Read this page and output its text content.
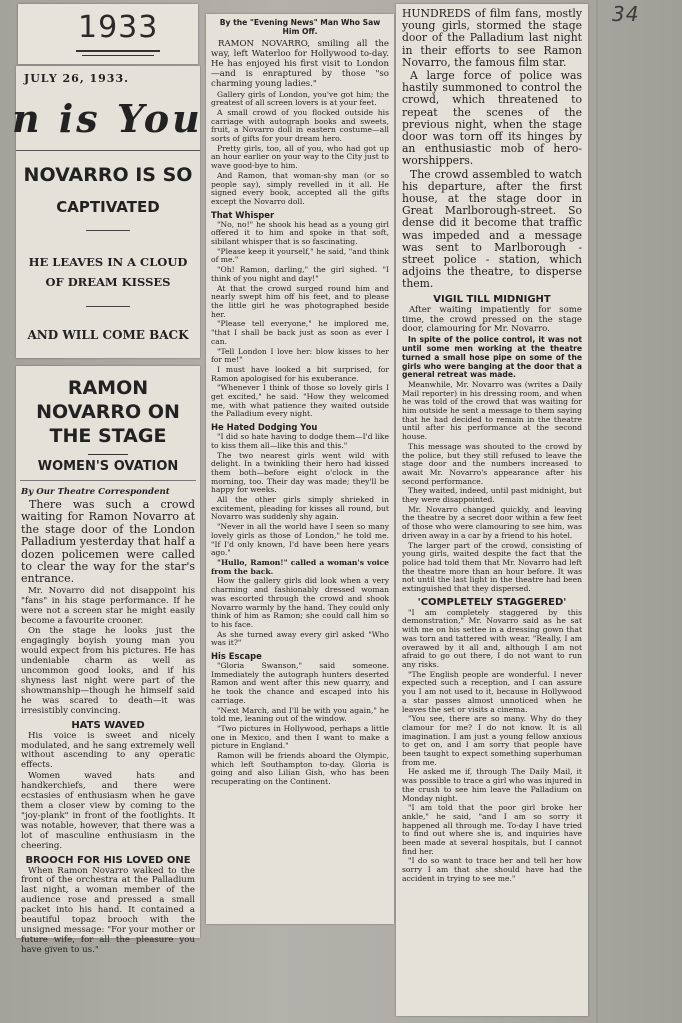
34
1933
JULY 26, 1933.
n is You
NOVARRO IS SO
CAPTIVATED
HE LEAVES IN A CLOUD OF DREAM KISSES
AND WILL COME BACK
RAMON NOVARRO ON THE STAGE
WOMEN'S OVATION
By Our Theatre Correspondent

There was such a crowd waiting for Ramon Novarro at the stage door of the London Palladium yesterday that half a dozen policemen were called to clear the way for the star's entrance.

Mr. Novarro did not disappoint his "fans" in his stage performance. If he were not a screen star he might easily become a favourite crooner.

On the stage he looks just the engagingly boyish young man you would expect from his pictures. He has undeniable charm as well as uncommon good looks, and if his shyness last night were part of the showmanship—though he himself said he was scared to death—it was irresistibly convincing.

HATS WAVED

His voice is sweet and nicely modulated, and he sang extremely well without ascending to any operatic effects.

Women waved hats and handkerchiefs, and there were ecstasies of enthusiasm when he gave them a closer view by coming to the "joy-plank" in front of the footlights. It was notable, however, that there was a lot of masculine enthusiasm in the cheering.

BROOCH FOR HIS LOVED ONE

When Ramon Novarro walked to the front of the orchestra at the Palladium last night, a woman member of the audience rose and pressed a small packet into his hand. It contained a beautiful topaz brooch with the unsigned message: "For your mother or future wife, for all the pleasure you have given to us."

By the "Evening News" Man Who Saw Him Off.

RAMON NOVARRO, smiling all the way, left Waterloo for Hollywood to-day. He has enjoyed his first visit to London—and is enraptured by those "so charming young ladies."

Gallery girls of London, you've got him; the greatest of all screen lovers is at your feet.

A small crowd of you flocked outside his carriage with autograph books and sweets, fruit, a Novarro doll in eastern costume—all sorts of gifts for your dream hero.

Pretty girls, too, all of you, who had got up an hour earlier on your way to the City just to wave good-bye to him.

And Ramon, that woman-shy man (or so people say), simply revelled in it all. He signed every book, accepted all the gifts except the Novarro doll.

That Whisper

"No, no!" he shook his head as a young girl offered it to him and spoke in that soft, sibilant whisper that is so fascinating.

"Please keep it yourself," he said, "and think of me."

"Oh! Ramon, darling," the girl sighed. "I think of you night and day!"

At that the crowd surged round him and nearly swept him off his feet, and to please the little girl he was photographed beside her.

"Please tell everyone," he implored me, "that I shall be back just as soon as ever I can.

"Tell London I love her: blow kisses to her for me!"

I must have looked a bit surprised, for Ramon apologised for his exuberance.

"Whenever I think of those so lovely girls I get excited," he said. "How they welcomed me, with what patience they waited outside the Palladium every night.

He Hated Dodging You

"I did so hate having to dodge them—I'd like to kiss them all—like this and this."

The two nearest girls went wild with delight. In a twinkling their hero had kissed them both—before eight o'clock in the morning, too. Their day was made; they'll be happy for weeks.

All the other girls simply shrieked in excitement, pleading for kisses all round, but Novarro was suddenly shy again.

"Never in all the world have I seen so many lovely girls as those of London," he told me. "If I'd only known, I'd have been here years ago."

"Hullo, Ramon!" called a woman's voice from the back.

How the gallery girls did look when a very charming and fashionably dressed woman was escorted through the crowd and shook Novarro warmly by the hand. They could only think of him as Ramon; she could call him so to his face.

As she turned away every girl asked "Who was it?"

His Escape

"Gloria Swanson," said someone. Immediately the autograph hunters deserted Ramon and went after this new quarry, and he took the chance and escaped into his carriage.

"Next March, and I'll be with you again," he told me, leaning out of the window.

"Two pictures in Hollywood, perhaps a little one in Mexico, and then I want to make a picture in England."

Ramon will be friends aboard the Olympic, which left Southampton to-day. Gloria is going and also Lilian Gish, who has been recuperating on the Continent.

HUNDREDS of film fans, mostly young girls, stormed the stage door of the Palladium last night in their efforts to see Ramon Novarro, the famous film star.

A large force of police was hastily summoned to control the crowd, which threatened to repeat the scenes of the previous night, when the stage door was torn off its hinges by an enthusiastic mob of hero-worshippers.

The crowd assembled to watch his departure, after the first house, at the stage door in Great Marlborough-street. So dense did it become that traffic was impeded and a message was sent to Marlborough - street police - station, which adjoins the theatre, to disperse them.

VIGIL TILL MIDNIGHT

After waiting impatiently for some time, the crowd pressed on the stage door, clamouring for Mr. Novarro.

In spite of the police control, it was not until some men working at the theatre turned a small hose pipe on some of the girls who were banging at the door that a general retreat was made.

Meanwhile, Mr. Novarro was (writes a Daily Mail reporter) in his dressing room, and when he was told of the crowd that was waiting for him outside he sent a message to them saying that he had decided to remain in the theatre until after his performance at the second house.

This message was shouted to the crowd by the police, but they still refused to leave the stage door and the numbers increased to await Mr. Novarro's appearance after his second performance.

They waited, indeed, until past midnight, but they were disappointed.

Mr. Novarro changed quickly, and leaving the theatre by a secret door within a few feet of those who were clamouring to see him, was driven away in a car by a friend to his hotel.

The larger part of the crowd, consisting of young girls, waited despite the fact that the police had told them that Mr. Novarro had left the theatre more than an hour before. It was not until the last light in the theatre had been extinguished that they dispersed.

'COMPLETELY STAGGERED'

"I am completely staggered by this demonstration," Mr. Novarro said as he sat with me on his settee in a dressing gown that was torn and tattered with wear. "Really, I am overawed by it all and, although I am not afraid to go out there, I do not want to run any risks.

"The English people are wonderful. I never expected such a reception, and I can assure you I am not used to it, because in Hollywood a star passes almost unnoticed when he leaves the set or visits a cinema.

"You see, there are so many. Why do they clamour for me? I do not know. It is all imagination. I am just a young fellow anxious to get on, and I am sorry that people have been taught to expect something superhuman from me.

He asked me if, through The Daily Mail, it was possible to trace a girl who was injured in the crush to see him leave the Palladium on Monday night.

"I am told that the poor girl broke her ankle," he said, "and I am so sorry it happened all through me. To-day I have tried to find out where she is, and inquiries have been made at several hospitals, but I cannot find her.

"I do so want to trace her and tell her how sorry I am that she should have had the accident in trying to see me."
